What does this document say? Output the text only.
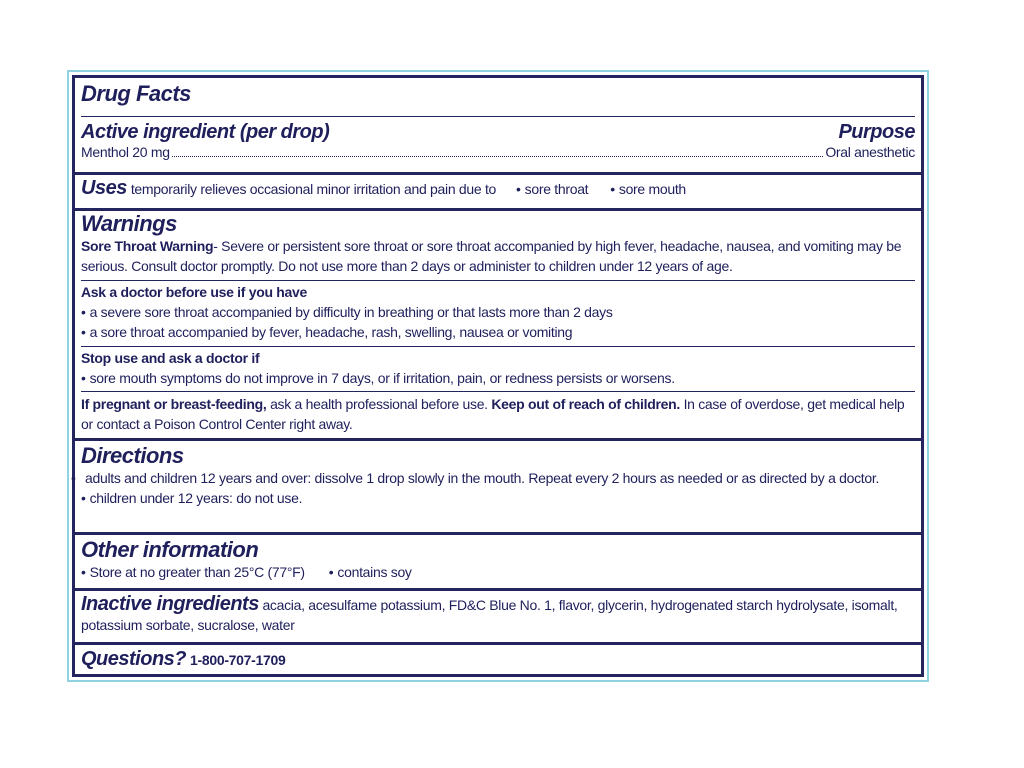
Drug Facts
Active ingredient (per drop)	Purpose
Menthol 20 mg	Oral anesthetic
Uses temporarily relieves occasional minor irritation and pain due to • sore throat • sore mouth
Warnings
Sore Throat Warning- Severe or persistent sore throat or sore throat accompanied by high fever, headache, nausea, and vomiting may be serious. Consult doctor promptly. Do not use more than 2 days or administer to children under 12 years of age.
Ask a doctor before use if you have
• a severe sore throat accompanied by difficulty in breathing or that lasts more than 2 days
• a sore throat accompanied by fever, headache, rash, swelling, nausea or vomiting
Stop use and ask a doctor if
• sore mouth symptoms do not improve in 7 days, or if irritation, pain, or redness persists or worsens.
If pregnant or breast-feeding, ask a health professional before use. Keep out of reach of children. In case of overdose, get medical help or contact a Poison Control Center right away.
Directions
• adults and children 12 years and over: dissolve 1 drop slowly in the mouth. Repeat every 2 hours as needed or as directed by a doctor.
• children under 12 years: do not use.
Other information
• Store at no greater than 25°C (77°F) • contains soy
Inactive ingredients acacia, acesulfame potassium, FD&C Blue No. 1, flavor, glycerin, hydrogenated starch hydrolysate, isomalt, potassium sorbate, sucralose, water
Questions? 1-800-707-1709
